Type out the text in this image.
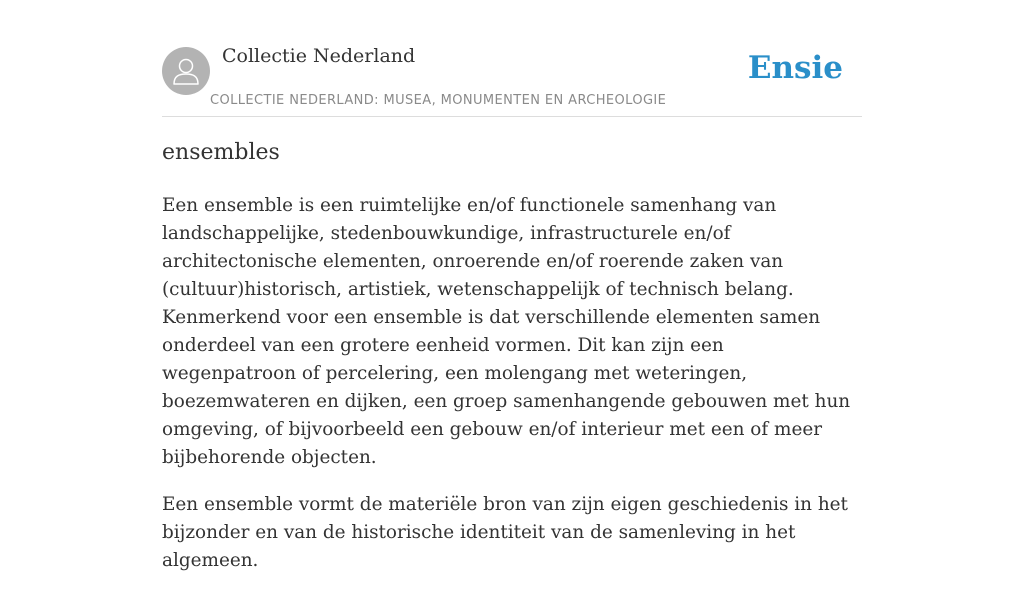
Collectie Nederland
COLLECTIE NEDERLAND: MUSEA, MONUMENTEN EN ARCHEOLOGIE
Ensie
ensembles

Een ensemble is een ruimtelijke en/of functionele samenhang van landschappelijke, stedenbouwkundige, infrastructurele en/of architectonische elementen, onroerende en/of roerende zaken van (cultuur)historisch, artistiek, wetenschappelijk of technisch belang. Kenmerkend voor een ensemble is dat verschillende elementen samen onderdeel van een grotere eenheid vormen. Dit kan zijn een wegenpatroon of percelering, een molengang met weteringen, boezemwateren en dijken, een groep samenhangende gebouwen met hun omgeving, of bijvoorbeeld een gebouw en/of interieur met een of meer bijbehorende objecten.

Een ensemble vormt de materiële bron van zijn eigen geschiedenis in het bijzonder en van de historische identiteit van de samenleving in het algemeen.
